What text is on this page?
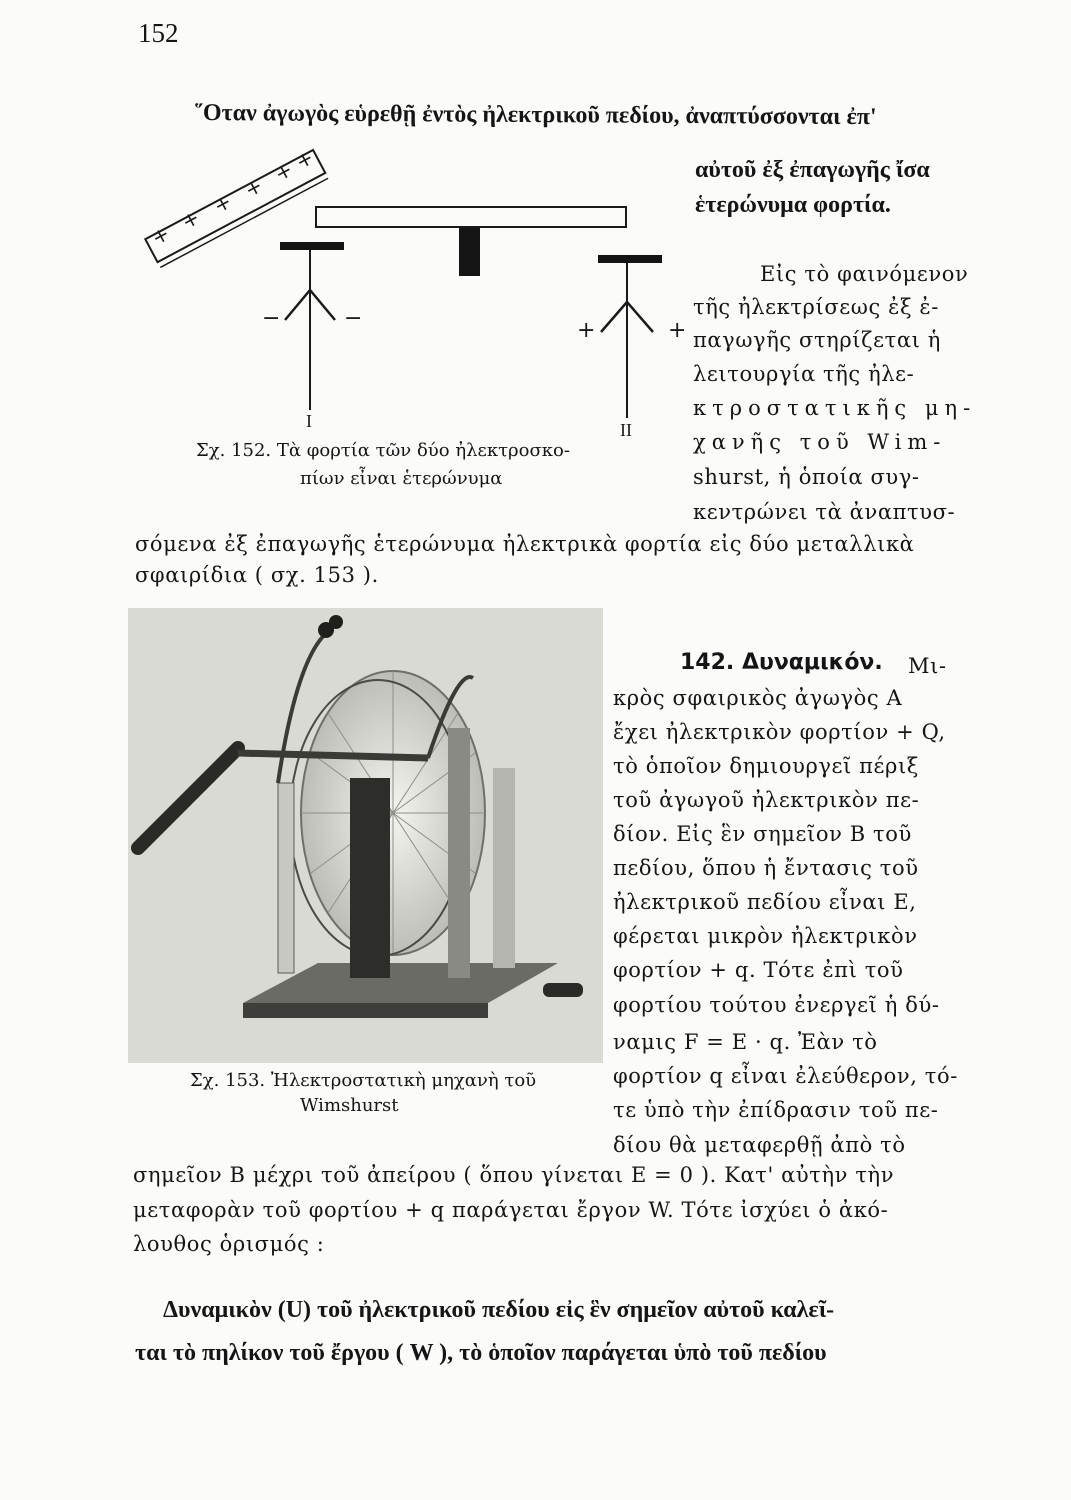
152
῞Οταν ἀγωγὸς εὑρεθῇ ἐντὸς ἠλεκτρικοῦ πεδίου, ἀναπτύσσονται ἐπ'
αὐτοῦ ἐξ ἐπαγωγῆς ἴσα
ἑτερώνυμα φορτία.
+
+
+
+
+
+
−	−	+	+
I	II
Σχ. 152. Τὰ φορτία τῶν δύο ἠλεκτροσκο-
πίων εἶναι ἑτερώνυμα
Εἰς τὸ φαινόμενον
τῆς ἠλεκτρίσεως ἐξ ἐ-
παγωγῆς στηρίζεται ἡ
λειτουργία τῆς ἠλε-
κτροστατικῆς μη-
χανῆς τοῦ Wim-
shurst, ἡ ὁποία συγ-
κεντρώνει τὰ ἀναπτυσ-
σόμενα ἐξ ἐπαγωγῆς ἑτερώνυμα ἠλεκτρικὰ φορτία εἰς δύο μεταλλικὰ
σφαιρίδια ( σχ. 153 ).
Σχ. 153. Ἠλεκτροστατικὴ μηχανὴ τοῦ
Wimshurst
142. Δυναμικόν. Μι-
κρὸς σφαιρικὸς ἀγωγὸς Α
ἔχει ἠλεκτρικὸν φορτίον + Q,
τὸ ὁποῖον δημιουργεῖ πέριξ
τοῦ ἀγωγοῦ ἠλεκτρικὸν πε-
δίον. Εἰς ἓν σημεῖον Β τοῦ
πεδίου, ὅπου ἡ ἔντασις τοῦ
ἠλεκτρικοῦ πεδίου εἶναι Ε,
φέρεται μικρὸν ἠλεκτρικὸν
φορτίον + q. Τότε ἐπὶ τοῦ
φορτίου τούτου ἐνεργεῖ ἡ δύ-
ναμις F = E · q. Ἐὰν τὸ
φορτίον q εἶναι ἐλεύθερον, τό-
τε ὑπὸ τὴν ἐπίδρασιν τοῦ πε-
δίου θὰ μεταφερθῇ ἀπὸ τὸ
σημεῖον Β μέχρι τοῦ ἀπείρου ( ὅπου γίνεται Ε = 0 ). Κατ' αὐτὴν τὴν
μεταφορὰν τοῦ φορτίου + q παράγεται ἔργον W. Τότε ἰσχύει ὁ ἀκό-
λουθος ὁρισμός :
Δυναμικὸν (U) τοῦ ἠλεκτρικοῦ πεδίου εἰς ἓν σημεῖον αὐτοῦ καλεῖ-
ται τὸ πηλίκον τοῦ ἔργου ( W ), τὸ ὁποῖον παράγεται ὑπὸ τοῦ πεδίου
